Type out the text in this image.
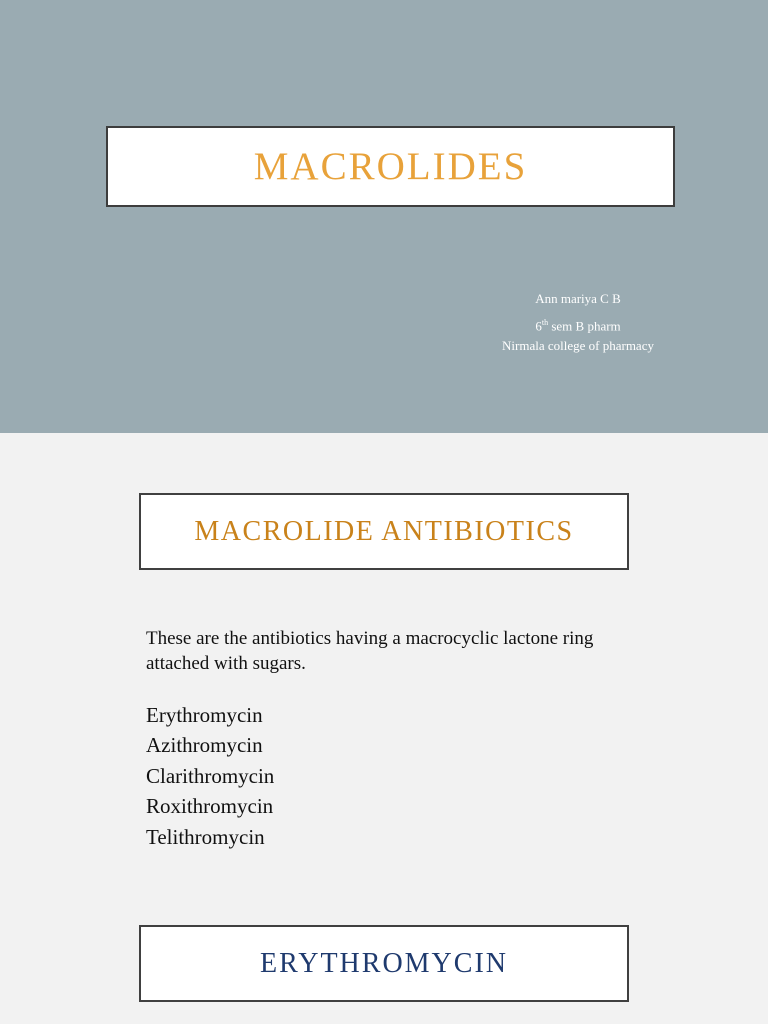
MACROLIDES
Ann mariya C B
6th sem B pharm
Nirmala college of pharmacy
MACROLIDE ANTIBIOTICS
These are the antibiotics having a macrocyclic lactone ring attached with sugars.
Erythromycin
Azithromycin
Clarithromycin
Roxithromycin
Telithromycin
ERYTHROMYCIN
